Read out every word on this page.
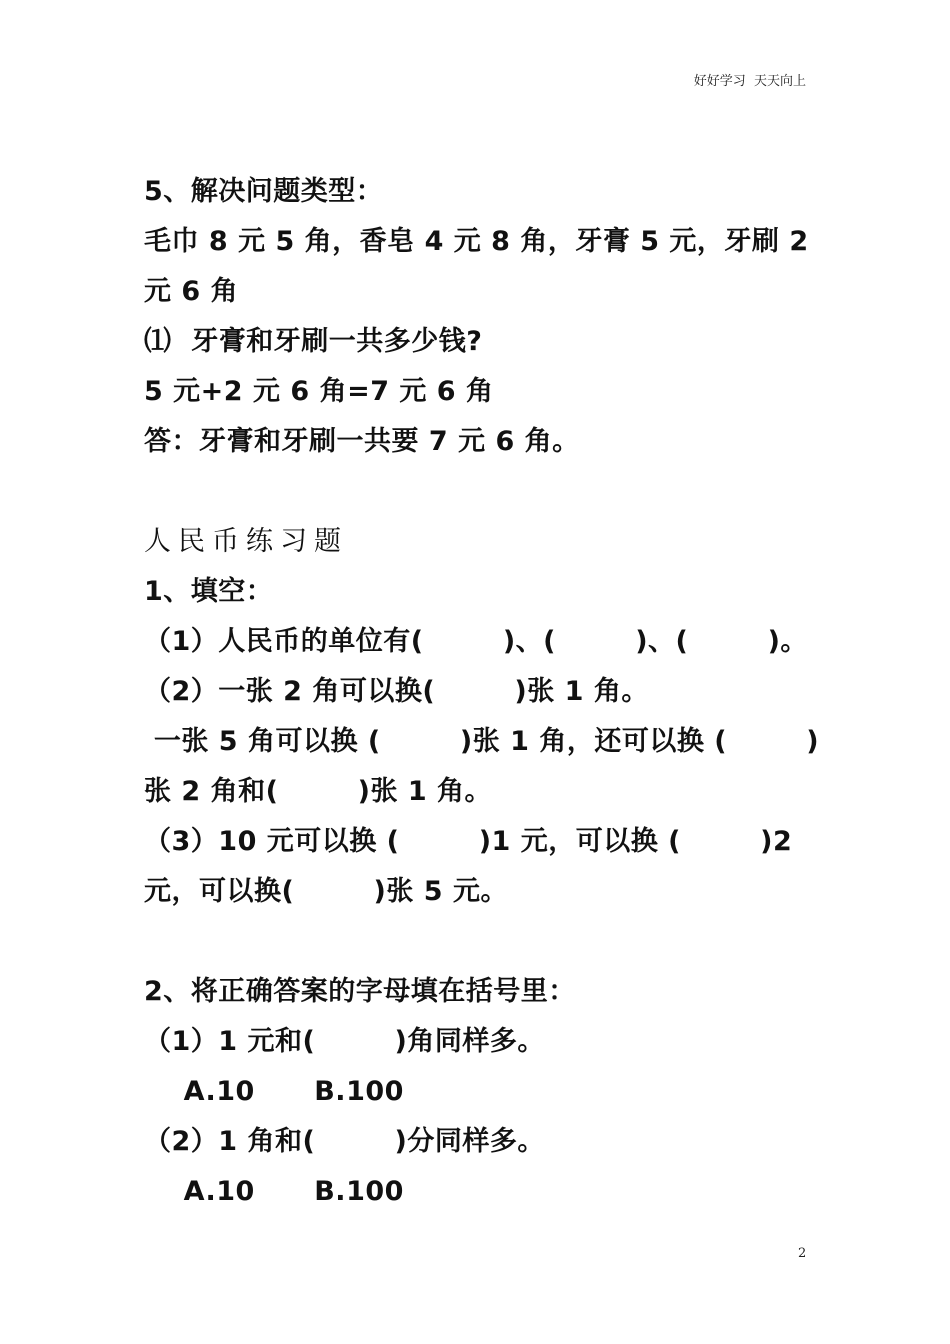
好好学习  天天向上
5、解决问题类型：
毛巾 8 元 5 角，香皂 4 元 8 角，牙膏 5 元，牙刷 2
元 6 角
⑴  牙膏和牙刷一共多少钱?
5 元+2 元 6 角=7 元 6 角
答：牙膏和牙刷一共要 7 元 6 角。
人民币练习题
1、填空：
（1）人民币的单位有(        )、(        )、(        )。
（2）一张 2 角可以换(        )张 1 角。
一张 5 角可以换 (        )张 1 角，还可以换 (        )
张 2 角和(        )张 1 角。
（3）10 元可以换 (        )1 元，可以换 (        )2
元，可以换(        )张 5 元。
2、将正确答案的字母填在括号里：
（1）1 元和(        )角同样多。
A.10      B.100
（2）1 角和(        )分同样多。
A.10      B.100
2
